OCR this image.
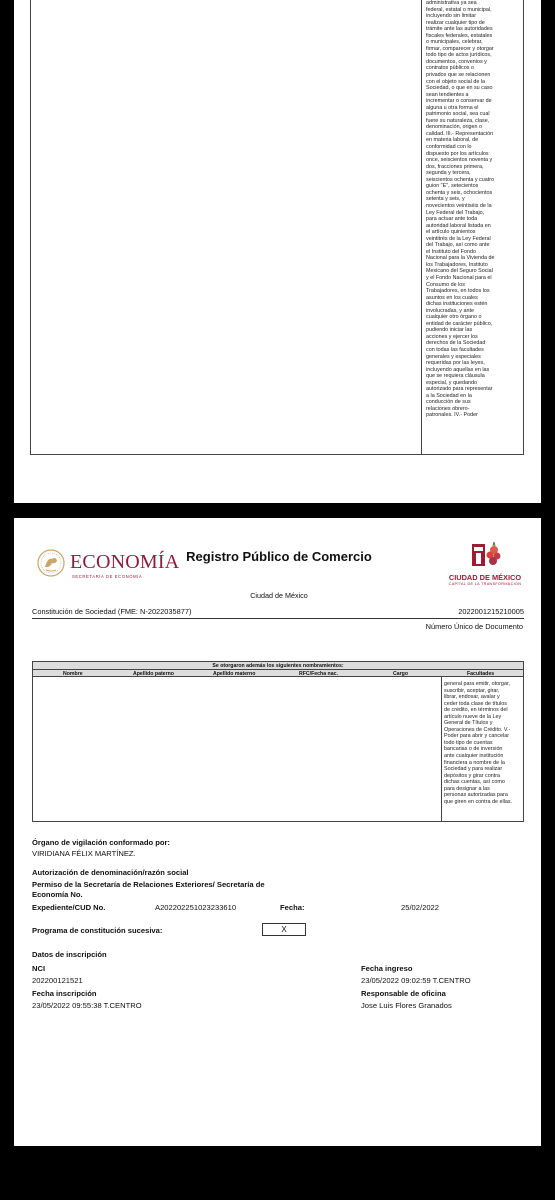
administrativa ya sea
federal, estatal o municipal,
incluyendo sin limitar
realizar cualquier tipo de
trámite ante las autoridades
fiscales federales, estatales
o municipales, celebrar,
firmar, comparecer y otorgar
todo tipo de actos jurídicos,
documentos, convenios y
contratos públicos o
privados que se relacionen
con el objeto social de la
Sociedad, o que en su caso
sean tendientes a
incrementar o conservar de
alguna u otra forma el
patrimonio social, sea cual
fuere su naturaleza, clase,
denominación, origen o
calidad. III.- Representación
en materia laboral, de
conformidad con lo
dispuesto por los artículos
once, seiscientos noventa y
dos, fracciones primera,
segunda y tercera,
seiscientos ochenta y cuatro
guion "E", setecientos
ochenta y seis, ochocientos
setenta y seis, y
novecientos veintiséis de la
Ley Federal del Trabajo,
para actuar ante toda
autoridad laboral listada en
el artículo quinientos
veintitrés de la Ley Federal
del Trabajo, así como ante
el Instituto del Fondo
Nacional para la Vivienda de
los Trabajadores, Instituto
Mexicano del Seguro Social
y el Fondo Nacional para el
Consumo de los
Trabajadores, en todos los
asuntos en los cuales
dichas instituciones estén
involucradas, y ante
cualquier otro órgano o
entidad de carácter público,
pudiendo iniciar las
acciones y ejercer los
derechos de la Sociedad
con todas las facultades
generales y especiales
requeridas por las leyes,
incluyendo aquellas en las
que se requiera cláusula
especial, y quedando
autorizado para representar
a la Sociedad en la
conducción de sus
relaciones obrero-
patronales. IV.- Poder
ECONOMÍA
SECRETARÍA DE ECONOMÍA
Registro Público de Comercio
Ciudad de México
CIUDAD DE MÉXICO
CAPITAL DE LA TRANSFORMACIÓN
Constitución de Sociedad (FME: N-2022035877)	2022001215210005
Número Único de Documento
Se otorgaron además los siguientes nombramientos:
Nombre	Apellido paterno	Apellido materno	RFC/Fecha nac.	Cargo	Facultades
general para emitir, otorgar,
suscribir, aceptar, girar,
librar, endosar, avalar y
ceder toda clase de títulos
de crédito, en términos del
artículo nueve de la Ley
General de Títulos y
Operaciones de Crédito. V.-
Poder para abrir y cancelar
todo tipo de cuentas
bancarias o de inversión
ante cualquier institución
financiera a nombre de la
Sociedad y para realizar
depósitos y girar contra
dichas cuentas, así como
para designar a las
personas autorizadas para
que giren en contra de ellas.
Órgano de vigilación conformado por:
VIRIDIANA FÉLIX MARTÍNEZ.
Autorización de denominación/razón social
Permiso de la Secretaría de Relaciones Exteriores/ Secretaría de Economía No.
Expediente/CUD No.	A202202251023233610	Fecha:	25/02/2022
Programa de constitución sucesiva:	X
Datos de inscripción
NCI
202200121521
Fecha inscripción
23/05/2022 09:55:38 T.CENTRO
Fecha ingreso
23/05/2022 09:02:59 T.CENTRO
Responsable de oficina
Jose Luis Flores Granados
